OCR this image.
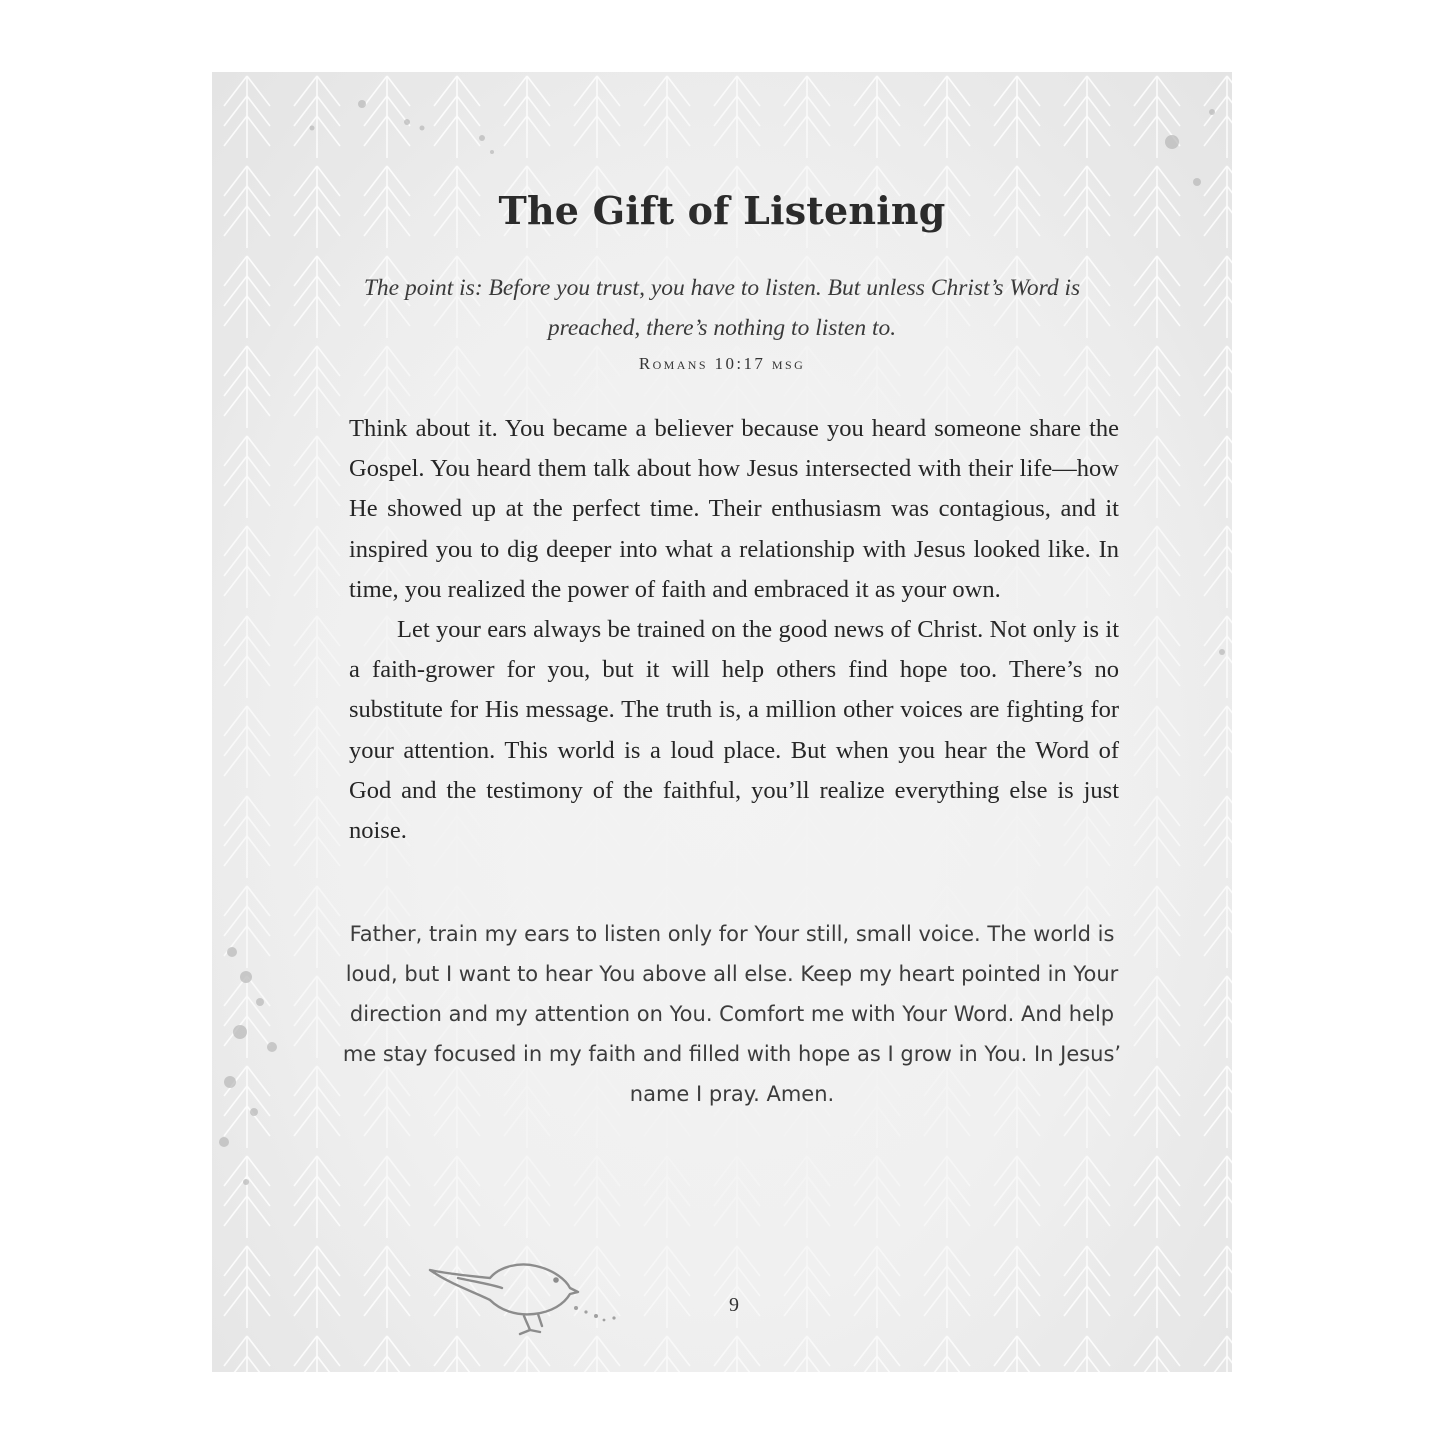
The Gift of Listening
The point is: Before you trust, you have to listen. But unless Christ’s Word is preached, there’s nothing to listen to.
Romans 10:17 msg

Think about it. You became a believer because you heard someone share the Gospel. You heard them talk about how Jesus intersected with their life—how He showed up at the perfect time. Their enthusiasm was contagious, and it inspired you to dig deeper into what a relationship with Jesus looked like. In time, you realized the power of faith and embraced it as your own.

Let your ears always be trained on the good news of Christ. Not only is it a faith-grower for you, but it will help others find hope too. There’s no substitute for His message. The truth is, a million other voices are fighting for your attention. This world is a loud place. But when you hear the Word of God and the testimony of the faithful, you’ll realize everything else is just noise.

Father, train my ears to listen only for Your still, small voice. The world is loud, but I want to hear You above all else. Keep my heart pointed in Your direction and my attention on You. Comfort me with Your Word. And help me stay focused in my faith and filled with hope as I grow in You. In Jesus’ name I pray. Amen.
9
